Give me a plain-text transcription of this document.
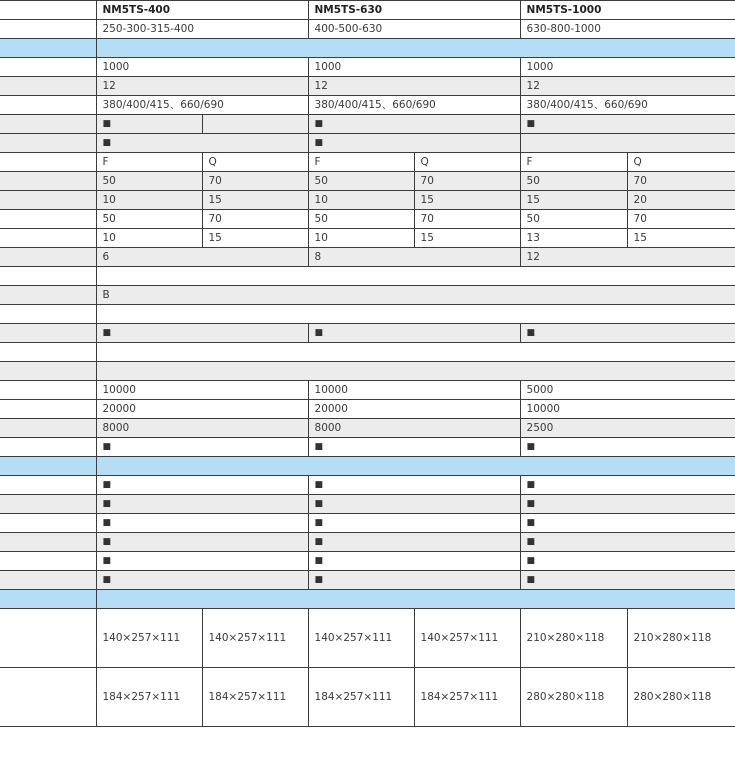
	NM5TS-400		NM5TS-630		NM5TS-1000	
	250-300-315-400		400-500-630		630-800-1000	

	1000		1000		1000	
	12		12		12	
	380/400/415、660/690		380/400/415、660/690		380/400/415、660/690	
	■		■		■	
	■		■			
	F	Q	F	Q	F	Q
	50	70	50	70	50	70
	10	15	10	15	15	20
	50	70	50	70	50	70
	10	15	10	15	13	15
	6		8		12	

	B					

	■		■		■	

	10000		10000		5000	
	20000		20000		10000	
	8000		8000		2500	
	■		■		■	

	■		■		■	
	■		■		■	
	■		■		■	
	■		■		■	
	■		■		■	
	■		■		■	

	140×257×111	140×257×111	140×257×111	140×257×111	210×280×118	210×280×118
	184×257×111	184×257×111	184×257×111	184×257×111	280×280×118	280×280×118
